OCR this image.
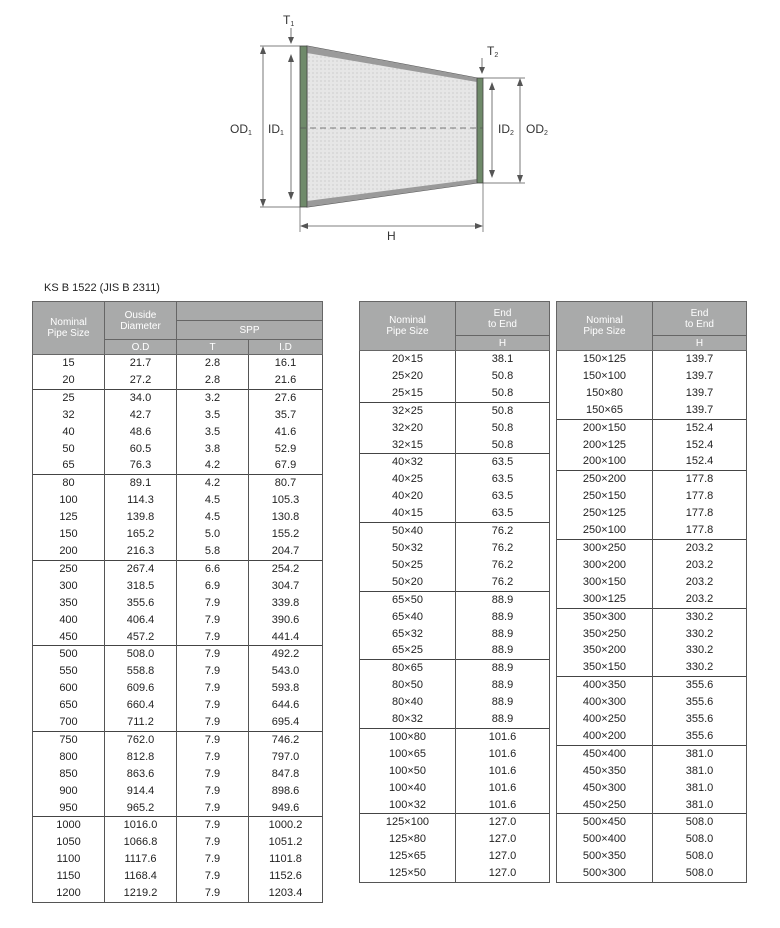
T1
T2
OD1 ID1	ID2 OD2
H
KS B 1522 (JIS B 2311)
Nominal
Pipe Size	Ouside
Diameter		
		SPP	
	O.D	T	I.D
15	21.7	2.8	16.1
20	27.2	2.8	21.6
25	34.0	3.2	27.6
32	42.7	3.5	35.7
40	48.6	3.5	41.6
50	60.5	3.8	52.9
65	76.3	4.2	67.9
80	89.1	4.2	80.7
100	114.3	4.5	105.3
125	139.8	4.5	130.8
150	165.2	5.0	155.2
200	216.3	5.8	204.7
250	267.4	6.6	254.2
300	318.5	6.9	304.7
350	355.6	7.9	339.8
400	406.4	7.9	390.6
450	457.2	7.9	441.4
500	508.0	7.9	492.2
550	558.8	7.9	543.0
600	609.6	7.9	593.8
650	660.4	7.9	644.6
700	711.2	7.9	695.4
750	762.0	7.9	746.2
800	812.8	7.9	797.0
850	863.6	7.9	847.8
900	914.4	7.9	898.6
950	965.2	7.9	949.6
1000	1016.0	7.9	1000.2
1050	1066.8	7.9	1051.2
1100	1117.6	7.9	1101.8
1150	1168.4	7.9	1152.6
1200	1219.2	7.9	1203.4
Nominal
Pipe Size	End
to End
	H
20×15	38.1
25×20	50.8
25×15	50.8
32×25	50.8
32×20	50.8
32×15	50.8
40×32	63.5
40×25	63.5
40×20	63.5
40×15	63.5
50×40	76.2
50×32	76.2
50×25	76.2
50×20	76.2
65×50	88.9
65×40	88.9
65×32	88.9
65×25	88.9
80×65	88.9
80×50	88.9
80×40	88.9
80×32	88.9
100×80	101.6
100×65	101.6
100×50	101.6
100×40	101.6
100×32	101.6
125×100	127.0
125×80	127.0
125×65	127.0
125×50	127.0
Nominal
Pipe Size	End
to End
	H
150×125	139.7
150×100	139.7
150×80	139.7
150×65	139.7
200×150	152.4
200×125	152.4
200×100	152.4
250×200	177.8
250×150	177.8
250×125	177.8
250×100	177.8
300×250	203.2
300×200	203.2
300×150	203.2
300×125	203.2
350×300	330.2
350×250	330.2
350×200	330.2
350×150	330.2
400×350	355.6
400×300	355.6
400×250	355.6
400×200	355.6
450×400	381.0
450×350	381.0
450×300	381.0
450×250	381.0
500×450	508.0
500×400	508.0
500×350	508.0
500×300	508.0
